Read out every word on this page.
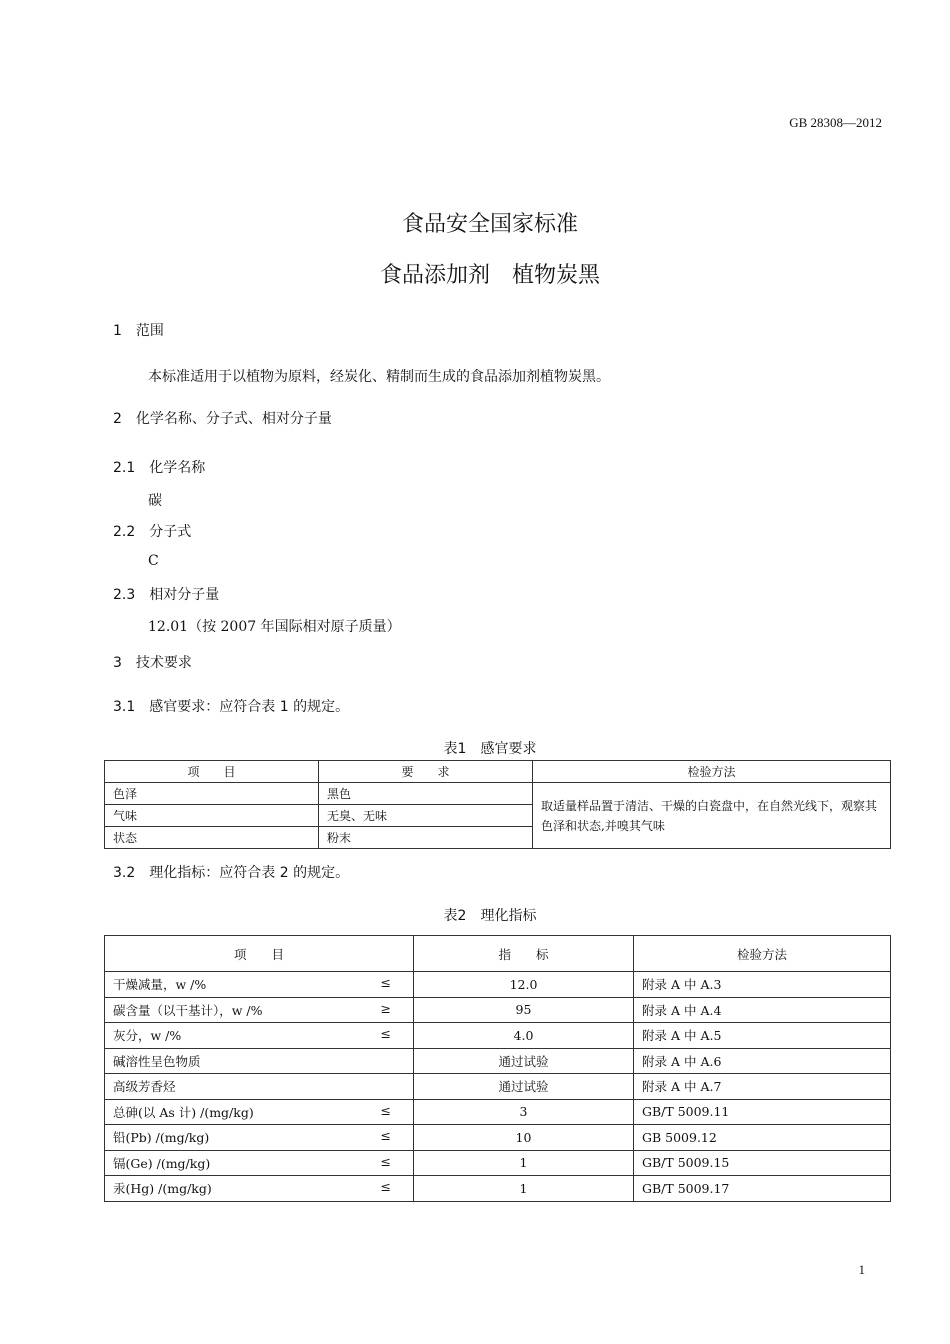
GB 28308—2012
食品安全国家标准
食品添加剂　植物炭黑
1　范围
本标准适用于以植物为原料，经炭化、精制而生成的食品添加剂植物炭黑。
2　化学名称、分子式、相对分子量
2.1　化学名称
碳
2.2　分子式
C
2.3　相对分子量
12.01（按 2007 年国际相对原子质量）
3　技术要求
3.1　感官要求：应符合表 1 的规定。
表1　感官要求
项　　目	要　　求	检验方法
色泽	黑色	取适量样品置于清洁、干燥的白瓷盘中，在自然光线下，观察其色泽和状态,并嗅其气味
气味	无臭、无味	
状态	粉末	
3.2　理化指标：应符合表 2 的规定。
表2　理化指标
项　　目	指　　标	检验方法
干燥减量，w /% ≤	12.0	附录 A 中 A.3
碳含量（以干基计），w /% ≥	95	附录 A 中 A.4
灰分，w /% ≤	4.0	附录 A 中 A.5
碱溶性呈色物质	通过试验	附录 A 中 A.6
高级芳香烃	通过试验	附录 A 中 A.7
总砷(以 As 计) /(mg/kg) ≤	3	GB/T 5009.11
铅(Pb) /(mg/kg) ≤	10	GB 5009.12
镉(Ge) /(mg/kg) ≤	1	GB/T 5009.15
汞(Hg) /(mg/kg) ≤	1	GB/T 5009.17
1
